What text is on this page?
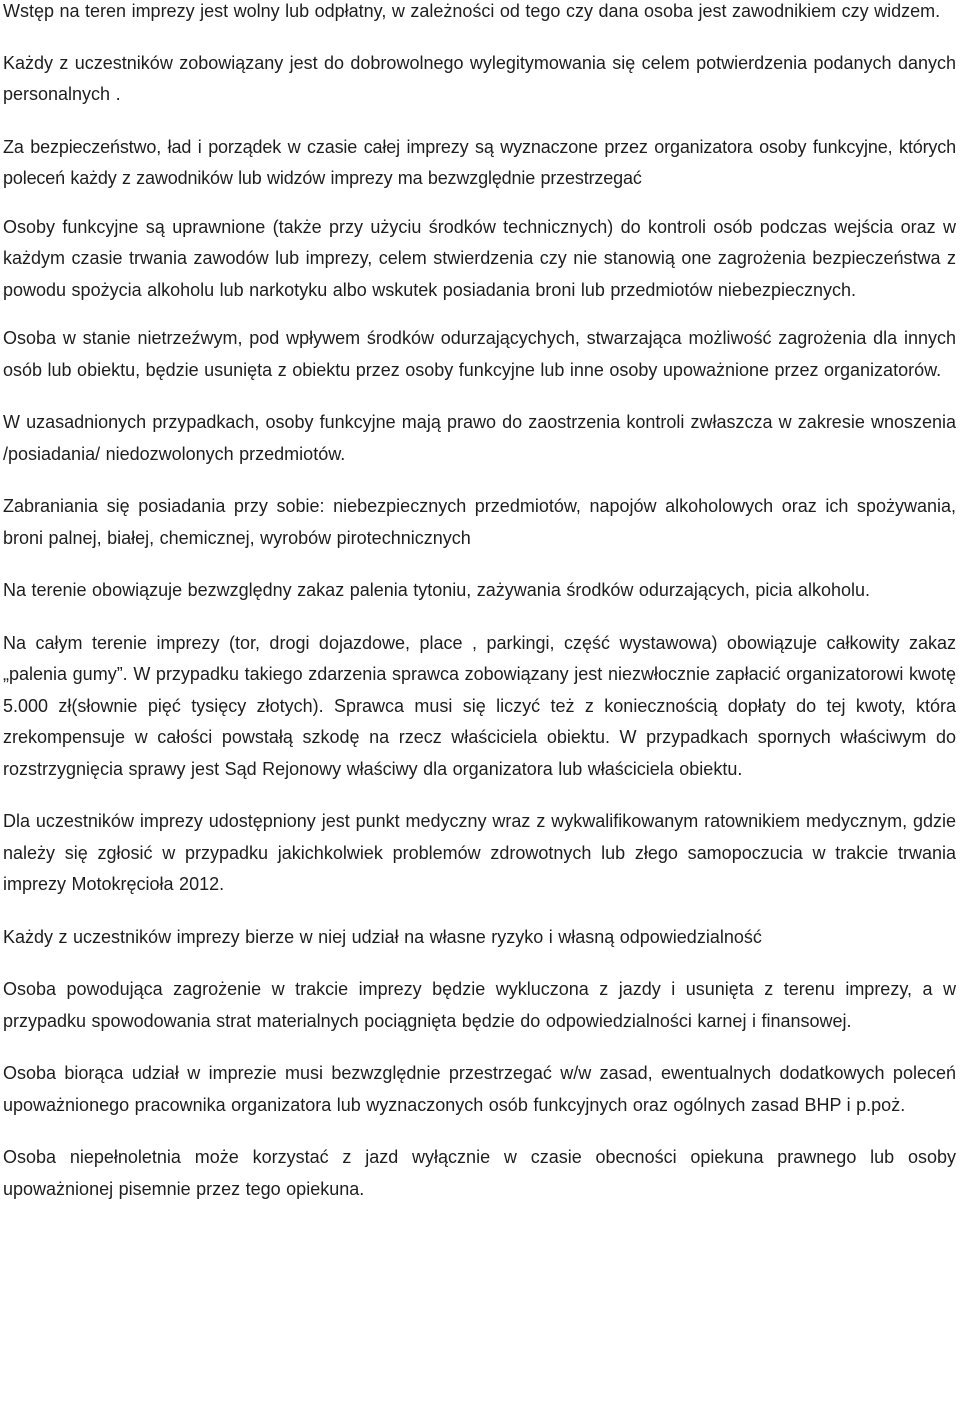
Wstęp na teren imprezy jest wolny lub odpłatny, w zależności od tego czy dana osoba jest zawodnikiem czy widzem.

Każdy z uczestników zobowiązany jest do dobrowolnego wylegitymowania się celem potwierdzenia podanych danych personalnych .

Za bezpieczeństwo, ład i porządek w czasie całej imprezy są wyznaczone przez organizatora osoby funkcyjne, których poleceń każdy z zawodników lub widzów imprezy ma bezwzględnie przestrzegać

Osoby funkcyjne są uprawnione (także przy użyciu środków technicznych) do kontroli osób podczas wejścia oraz w każdym czasie trwania zawodów lub imprezy, celem stwierdzenia czy nie stanowią one zagrożenia bezpieczeństwa z powodu spożycia alkoholu lub narkotyku albo wskutek posiadania broni lub przedmiotów niebezpiecznych.

Osoba w stanie nietrzeźwym, pod wpływem środków odurzającychych, stwarzająca możliwość zagrożenia dla innych osób lub obiektu, będzie usunięta z obiektu przez osoby funkcyjne lub inne osoby upoważnione przez organizatorów.

W uzasadnionych przypadkach, osoby funkcyjne mają prawo do zaostrzenia kontroli zwłaszcza w zakresie wnoszenia /posiadania/ niedozwolonych przedmiotów.

Zabraniania się posiadania przy sobie: niebezpiecznych przedmiotów, napojów alkoholowych oraz ich spożywania, broni palnej, białej, chemicznej, wyrobów pirotechnicznych

Na terenie obowiązuje bezwzględny zakaz palenia tytoniu, zażywania środków odurzających, picia alkoholu.

Na całym terenie imprezy (tor, drogi dojazdowe, place , parkingi, część wystawowa) obowiązuje całkowity zakaz „palenia gumy”. W przypadku takiego zdarzenia sprawca zobowiązany jest niezwłocznie zapłacić organizatorowi kwotę 5.000 zł(słownie pięć tysięcy złotych). Sprawca musi się liczyć też z koniecznością dopłaty do tej kwoty, która zrekompensuje w całości powstałą szkodę na rzecz właściciela obiektu. W przypadkach spornych właściwym do rozstrzygnięcia sprawy jest Sąd Rejonowy właściwy dla organizatora lub właściciela obiektu.

Dla uczestników imprezy udostępniony jest punkt medyczny wraz z wykwalifikowanym ratownikiem medycznym, gdzie należy się zgłosić w przypadku jakichkolwiek problemów zdrowotnych lub złego samopoczucia w trakcie trwania imprezy Motokręcioła 2012.

Każdy z uczestników imprezy bierze w niej udział na własne ryzyko i własną odpowiedzialność

Osoba powodująca zagrożenie w trakcie imprezy będzie wykluczona z jazdy i usunięta z terenu imprezy, a w przypadku spowodowania strat materialnych pociągnięta będzie do odpowiedzialności karnej i finansowej.

Osoba biorąca udział w imprezie musi bezwzględnie przestrzegać w/w zasad, ewentualnych dodatkowych poleceń upoważnionego pracownika organizatora lub wyznaczonych osób funkcyjnych oraz ogólnych zasad BHP i p.poż.

Osoba niepełnoletnia może korzystać z jazd wyłącznie w czasie obecności opiekuna prawnego lub osoby upoważnionej pisemnie przez tego opiekuna.
